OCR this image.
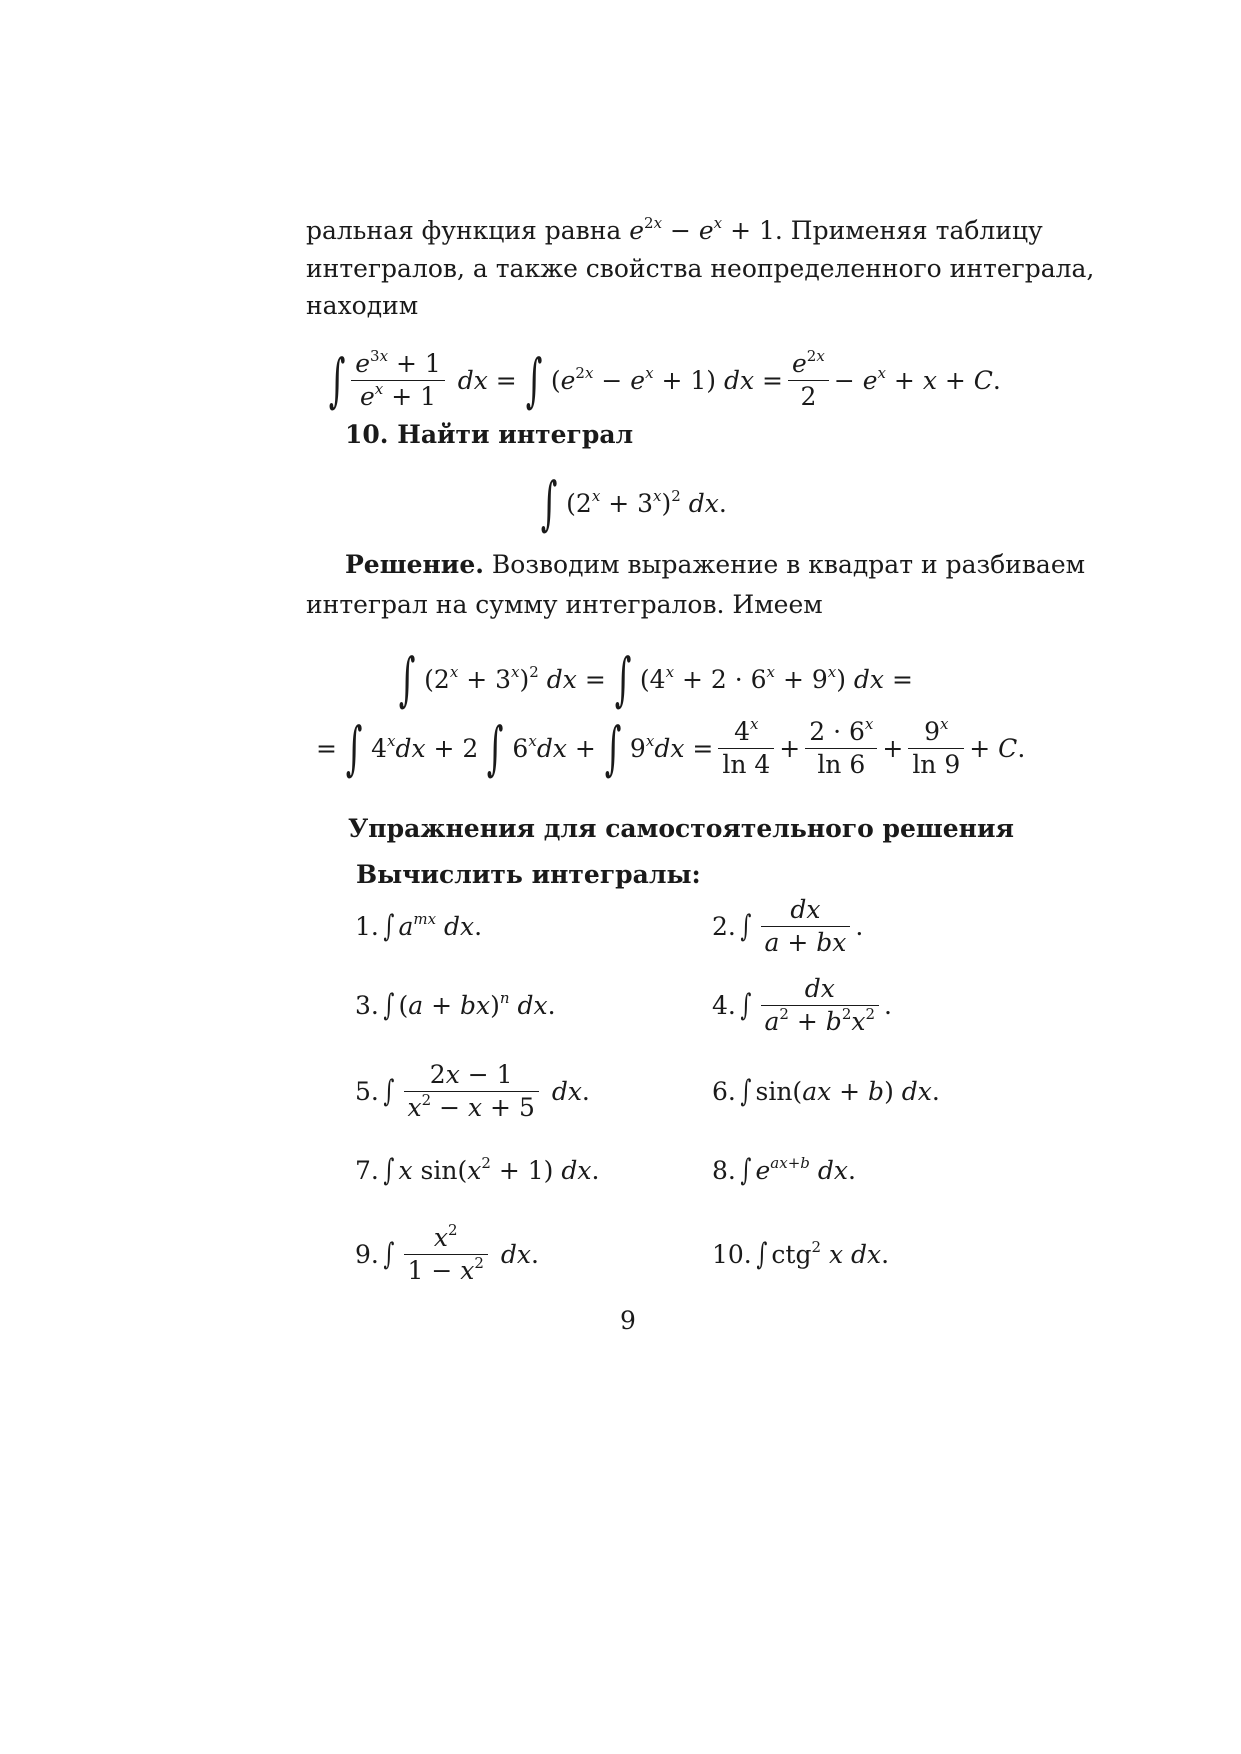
ральная функция равна $e^{2x} - e^x + 1$. Применяя таблицу
интегралов, а также свойства неопределенного интеграла,
находим
∫ $\frac{e^{3x} + 1}{e^x + 1}$ dx = ∫ $(e^{2x} - e^x + 1)$ dx = $\frac{e^{2x}}{2} - e^x + x + C$.
10. Найти интеграл
∫ $(2^x + 3^x)^2$ dx.
Решение. Возводим выражение в квадрат и разбиваем
интеграл на сумму интегралов. Имеем
∫ $(2^x + 3^x)^2$ dx = ∫ $(4^x + 2 \cdot 6^x + 9^x)$ dx =
= ∫ $4^xdx + 2$ ∫ $6^xdx$ + ∫ $9^xdx = \frac{4^x}{\ln 4} + \frac{2 \cdot 6^x}{\ln 6} + \frac{9^x}{\ln 9} + C$.
Упражнения для самостоятельного решения
Вычислить интегралы:
1. ∫ $a^{mx}$ dx.	2. ∫ $\frac{dx}{a + bx}$ .
3. ∫ (a + bx)$^n$ dx.	4. ∫ $\frac{dx}{a^2 + b^2x^2}$ .
5. ∫ $\frac{2x - 1}{x^2 - x + 5}$ dx.	6. ∫ sin(ax + b) dx.
7. ∫ x $\sin(x^2 + 1)$ dx.	8. ∫ $e^{ax+b}$ dx.
9. ∫ $\frac{x^2}{1 - x^2}$ dx.	10. ∫ ctg$^2$ x dx.
9
